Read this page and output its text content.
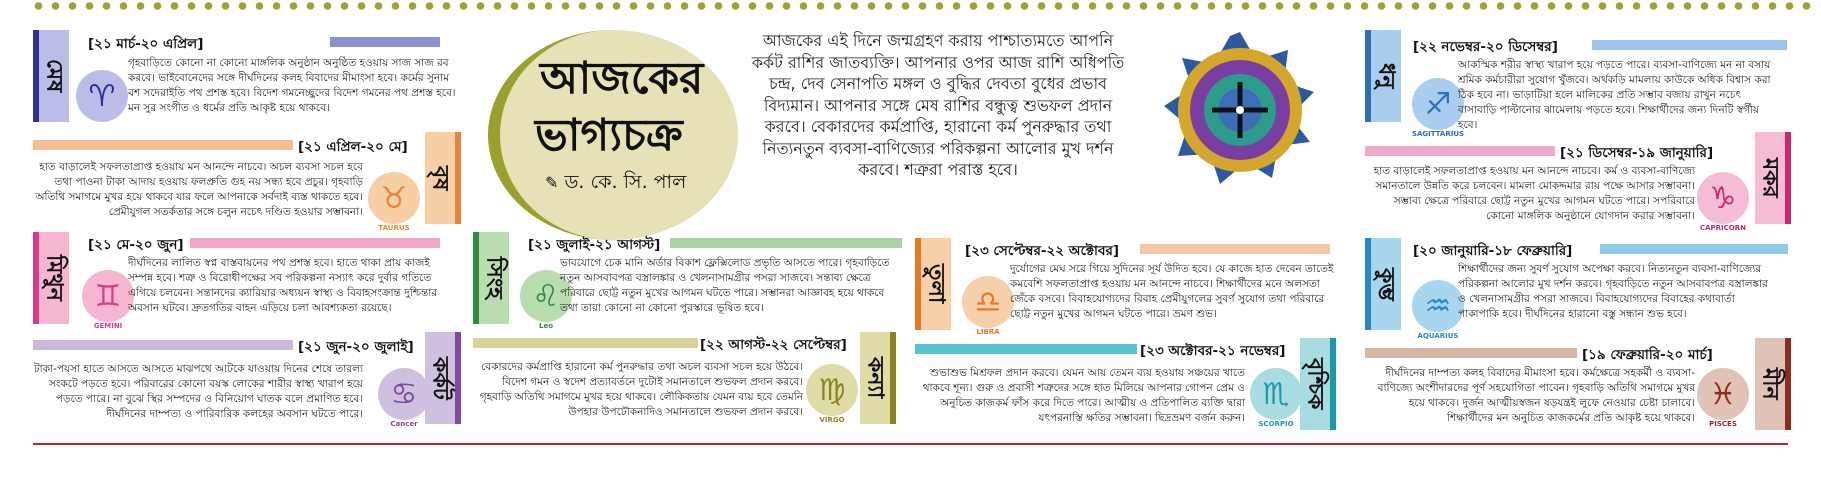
আজকের
ভাগ্যচক্র
✎ ড. কে. সি. পাল
আজকের এই দিনে জন্মগ্রহণ করায় পাশ্চাত্যমতে আপনি কর্কট রাশির জাতব্যক্তি। আপনার ওপর আজ রাশি অধিপতি চন্দ্র, দেব সেনাপতি মঙ্গল ও বুদ্ধির দেবতা বুধের প্রভাব বিদ্যমান। আপনার সঙ্গে মেষ রাশির বন্ধুত্ব শুভফল প্রদান করবে। বেকারদের কর্মপ্রাপ্তি, হারানো কর্ম পুনরুদ্ধার তথা নিত্যনতুন ব্যবসা-বাণিজ্যের পরিকল্পনা আলোর মুখ দর্শন করবে। শত্রুরা পরাস্ত হবে।
মেষ
[২১ মার্চ-২০ এপ্রিল]
♈
গৃহবাড়িতে কোনো না কোনো মাঙ্গলিক অনুষ্ঠান অনুষ্ঠিত হওয়ায় সাজ সাজ রব করবে। ভাইবোনেদের সঙ্গে দীর্ঘদিনের কলহ বিবাদের মীমাংসা হবে। কর্মের সুনাম বশ সদেরাইতি পথ প্রশস্ত হবে। বিদেশ গমনেচ্ছুদের বিদেশ গমনের পথ প্রশস্ত হবে। মন সুর সংগীত ও ধর্মের প্রতি আকৃষ্ট হয়ে থাকবে।
বৃষ
[২১ এপ্রিল-২০ মে]
♉
TAURUS
হাত বাড়ালেই সফলতাপ্রাপ্ত হওয়ায় মন আনন্দে নাচবে। অচল ব্যবসা সচল হবে তথা পাওনা টাকা আদায় হওয়ায় ফলপ্রুতি গুহ নয় সন্ধ্য হবে প্রচুর। গৃহবাড়ি অতিথি সমাগমে মুখর হয়ে থাকবে যার ফলে আপনাকে সর্বদাই ব্যস্ত থাকতে হবে। প্রেমীযুগল সতর্কতার সঙ্গে চলুন নচেৎ দণ্ডিত হওয়ার সম্ভাবনা।
মিথুন
[২১ মে-২০ জুন]
♊
GEMINI
দীর্ঘদিনের লালিত স্বপ্ন বাস্তবায়নের পথ প্রশস্ত হবে। হাতে থাকা প্রায় কাজই সম্পন্ন হবে। শত্রু ও বিরোধীপক্ষের সব পরিকল্পনা নস্যাৎ করে দুর্বার গতিতে এগিয়ে চলবেন। সন্তানদের ক্যারিয়ার অধ্যয়ন স্বাস্থ্য ও বিবাহসংক্রান্ত দুশ্চিন্তার অবসান ঘটবে। দ্রুতগতির বাহন এড়িয়ে চলা আবশ্যকতা রয়েছে।
কর্কট
[২১ জুন-২০ জুলাই]
♋
Cancer
টাকা-পয়সা হাতে আসতে আসতে মাঝপথে আটকে যাওয়ায় দিনের শেষে তারল্য সংকটে পড়তে হবে। পরিবারের কোনো বয়স্ক লোকের শারীর স্বাস্থ্য খারাপ হয়ে পড়তে পারে। না বুঝে স্থির সম্পদের ও বিনিয়োগ ঘাতক বলে প্রমাণিত হবে। দীর্ঘদিনের দাম্পত্য ও পারিবারিক কলহের অবসান ঘটতে পারে।
সিংহ
[২১ জুলাই-২১ আগস্ট]
♌
Leo
ভাবযোগে চেক মানি অর্ডার বিকাশ ফ্লেক্সিলোড প্রভৃতি আসতে পারে। গৃহবাড়িতে নতুন আসবাবপত্র বস্ত্রালঙ্কার ও খেলনাসামগ্রীর পসরা সাজবে। সন্তাব্য ক্ষেত্রে পরিবারে ছোট্ট নতুন মুখের আগমন ঘটতে পারে। সম্ভানরা আজ্ঞাবহ হয়ে থাকবে তথা তারা কোনো না কোনো পুরস্কারে ভূষিত হবে।
কন্যা
[২২ আগস্ট-২২ সেপ্টেম্বর]
♍
VIRGO
বেকারদের কর্মপ্রাপ্তি হারানো কর্ম পুনরুদ্ধার তথা অচল ব্যবসা সচল হয়ে উঠবে। বিদেশ গমন ও স্বদেশ প্রত্যাবর্তনে দুটোই সমানতালে শুভফল প্রদান করবে। গৃহবাড়ি অতিথি সমাগমে মুখর হয়ে থাকবে। লৌকিকতায় যেমন ব্যয় হবে তেমনি উপহার উপঢৌকনাদিও সমানতালে শুভফল প্রদান করবে।
তুলা
[২৩ সেপ্টেম্বর-২২ অক্টোবর]
♎
LIBRA
দুর্যোগের মেঘ সরে গিয়ে সুদিনের সূর্য উদিত হবে। যে কাজে হাত দেবেন তাতেই কমবেশি সফলতাপ্রাপ্ত হওয়ায় মন আনন্দে নাচবে। শিক্ষার্থীদের মনে অলসতা জেঁকে বসবে। বিবাহযোগ্যদের বিবাহ প্রেমীযুগলের সুবর্ণ সুযোগ তথা পরিবারে ছোট্ট নতুন মুখের আগমন ঘটতে পারে। ভ্রমণ শুভ।
বৃশ্চিক
[২৩ অক্টোবর-২১ নভেম্বর]
♏
SCORPIO
শুভাশুভ মিশ্রফল প্রদান করবে। যেমন আয় তেমন ব্যয় হওয়ায় সঞ্চয়ের খাতে থাকবে শূন্য। গুরু ও প্রবাসী শত্রুদের সঙ্গে হাত মিলিয়ে আপনার গোপন প্রেম ও অনুচিত কাজকর্ম ফাঁস করে দিতে পারে। আত্মীয় ও প্রতিপালিত ব্যক্তি দ্বারা যৎপরনাস্তি ক্ষতির সম্ভাবনা। ছিদ্রভ্রমণ বর্জন করুন।
ধনু
[২২ নভেম্বর-২০ ডিসেম্বর]
♐
SAGITTARIUS
আকস্মিক শরীর স্বাস্থ্য খারাপ হয়ে পড়তে পারে। ব্যবসা-বাণিজ্যে মন না বসায় শ্রমিক কর্মচারীরা সুযোগ খুঁজবে। অর্থকড়ি মামলায় কাউকে অধিক বিশ্বাস করা ঠিক হবে না। ভাড়াটিয়া হলে মালিকের প্রতি সম্ভাব বজায় রাখুন নচেৎ বাসাবাড়ি পাল্টানোর ঝামেলায় পড়তে হবে। শিক্ষার্থীদের জন্য দিনটি স্বর্গীয় হবে।
মকর
[২১ ডিসেম্বর-১৯ জানুয়ারি]
♑
CAPRICORN
হাত বাড়ালেই সফলতাপ্রাপ্ত হওয়ায় মন আনন্দে নাচবে। কর্ম ও ব্যবসা-বাণিজ্যে সমানতালে উন্নতি করে চলবেন। মামলা মোকদ্দমার রায় পক্ষে আসার সম্ভাবনা। সম্ভাব্য ক্ষেত্রে পরিবারে ছোট্ট নতুন মুখের আগমন ঘটতে পারে। সপরিবারে কোনো মাঙ্গলিক অনুষ্ঠানে যোগদান করার সম্ভাবনা।
কুম্ভ
[২০ জানুয়ারি-১৮ ফেব্রুয়ারি]
♒
AQUARIUS
শিক্ষার্থীদের জন্য সুবর্ণ সুযোগ অপেক্ষা করবে। নিত্যনতুন ব্যবসা-বাণিজ্যের পরিকল্পনা আলোর মুখ দর্শন করবে। গৃহবাড়িতে নতুন আসবাবপত্র বস্ত্রালঙ্কার ও খেলনাসামগ্রীর পসরা সাজবে। বিবাহযোগ্যদের বিবাহের কথাবার্তা পাকাপাকি হবে। দীর্ঘদিনের হারানো বস্তু সন্ধান শুভ হবে।
মীন
[১৯ ফেব্রুয়ারি-২০ মার্চ]
♓
PISCES
দীর্ঘদিনের দাম্পত্য কলহ বিবাদের মীমাংসা হবে। কর্মক্ষেত্রে সহকর্মী ও ব্যবসা-বাণিজ্যে অংশীদারদের পূর্ণ সহযোগিতা পাবেন। গৃহবাড়ি অতিথি সমাগমে মুখর হয়ে থাকবে। দুর্জন আত্মীয়স্বজন ষড়যন্ত্রই লুফে নেওয়ার চেষ্টা চালাবে। শিক্ষার্থীদের মন অনুচিত কাজকর্মের প্রতি আকৃষ্ট হয়ে থাকবে।
